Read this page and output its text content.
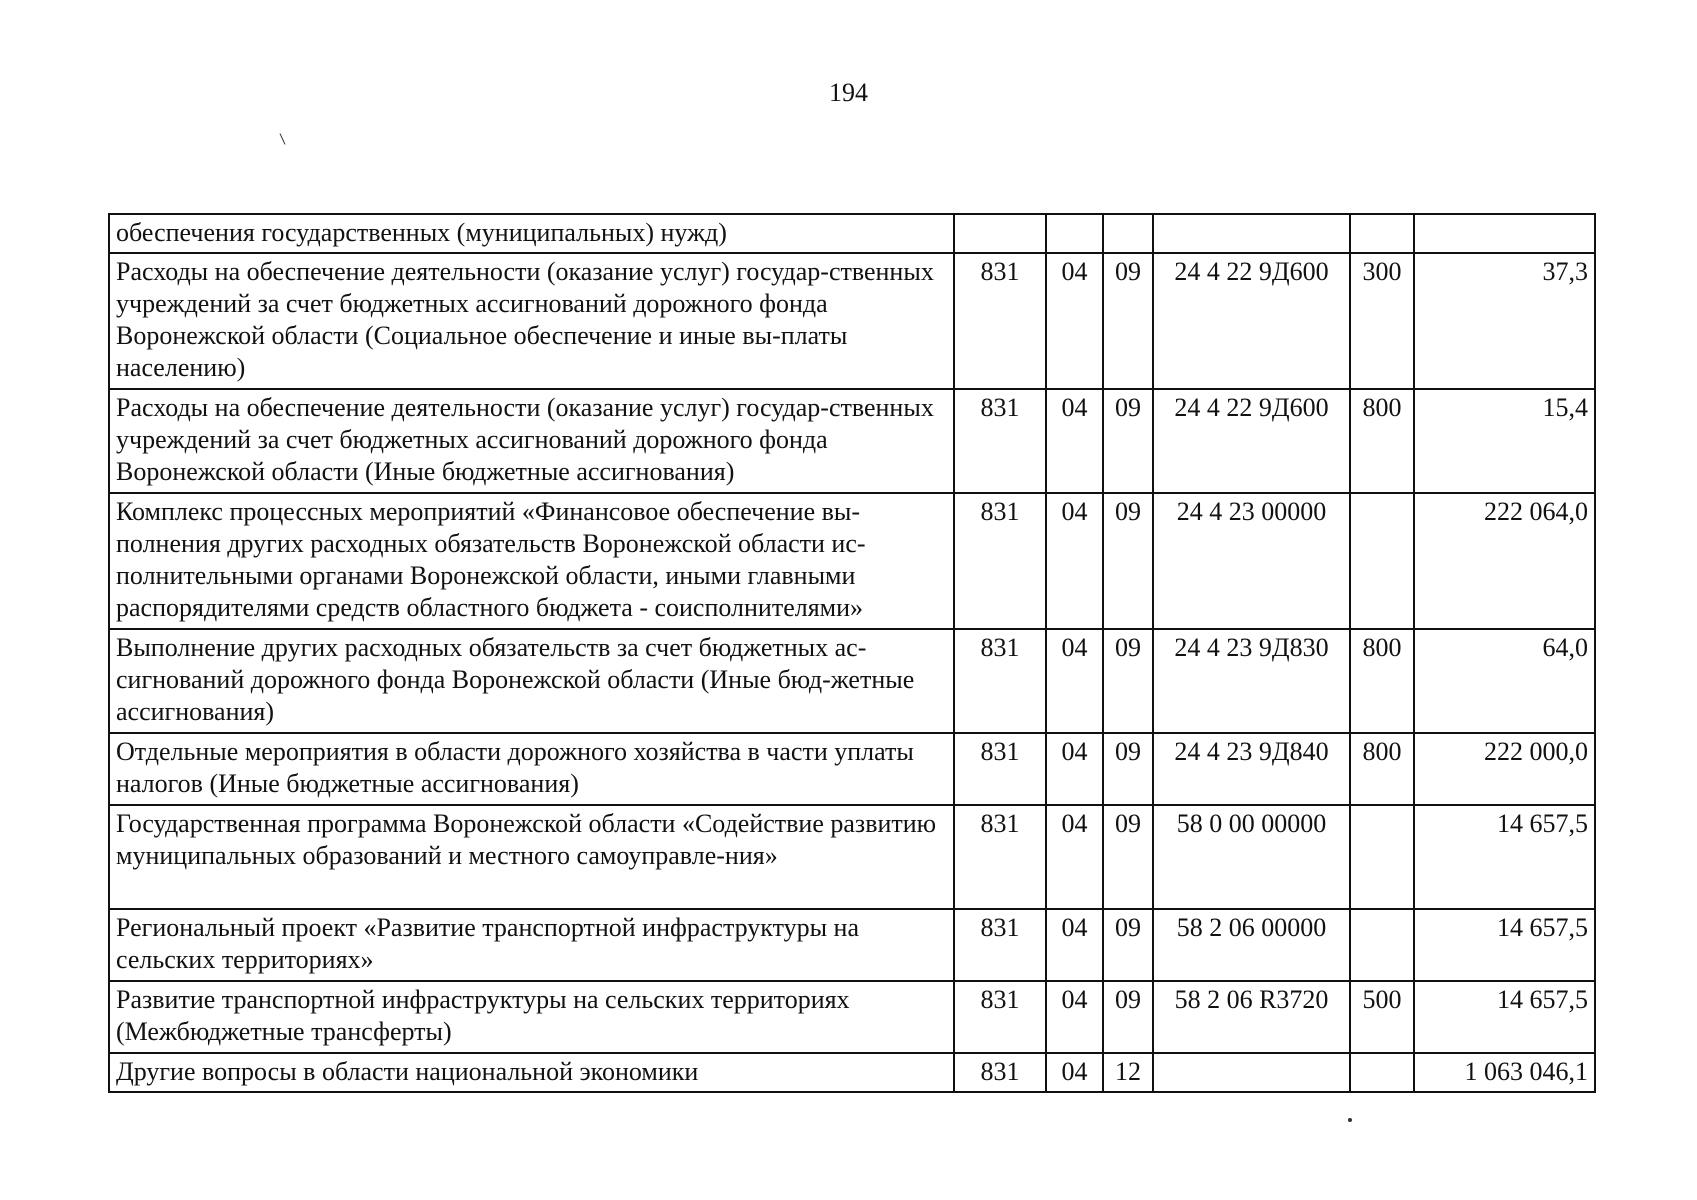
194
обеспечения государственных (муниципальных) нужд)						
Расходы на обеспечение деятельности (оказание услуг) государ-ственных учреждений за счет бюджетных ассигнований дорожного фонда Воронежской области (Социальное обеспечение и иные вы-платы населению)	831	04	09	24 4 22 9Д600	300	37,3
Расходы на обеспечение деятельности (оказание услуг) государ-ственных учреждений за счет бюджетных ассигнований дорожного фонда Воронежской области (Иные бюджетные ассигнования)	831	04	09	24 4 22 9Д600	800	15,4
Комплекс процессных мероприятий «Финансовое обеспечение вы-полнения других расходных обязательств Воронежской области ис-полнительными органами Воронежской области, иными главными распорядителями средств областного бюджета - соисполнителями»	831	04	09	24 4 23 00000		222 064,0
Выполнение других расходных обязательств за счет бюджетных ас-сигнований дорожного фонда Воронежской области (Иные бюд-жетные ассигнования)	831	04	09	24 4 23 9Д830	800	64,0
Отдельные мероприятия в области дорожного хозяйства в части уплаты налогов (Иные бюджетные ассигнования)	831	04	09	24 4 23 9Д840	800	222 000,0
Государственная программа Воронежской области «Содействие развитию муниципальных образований и местного самоуправле-ния»	831	04	09	58 0 00 00000		14 657,5
Региональный проект «Развитие транспортной инфраструктуры на сельских территориях»	831	04	09	58 2 06 00000		14 657,5
Развитие транспортной инфраструктуры на сельских территориях (Межбюджетные трансферты)	831	04	09	58 2 06 R3720	500	14 657,5
Другие вопросы в области национальной экономики	831	04	12			1 063 046,1
